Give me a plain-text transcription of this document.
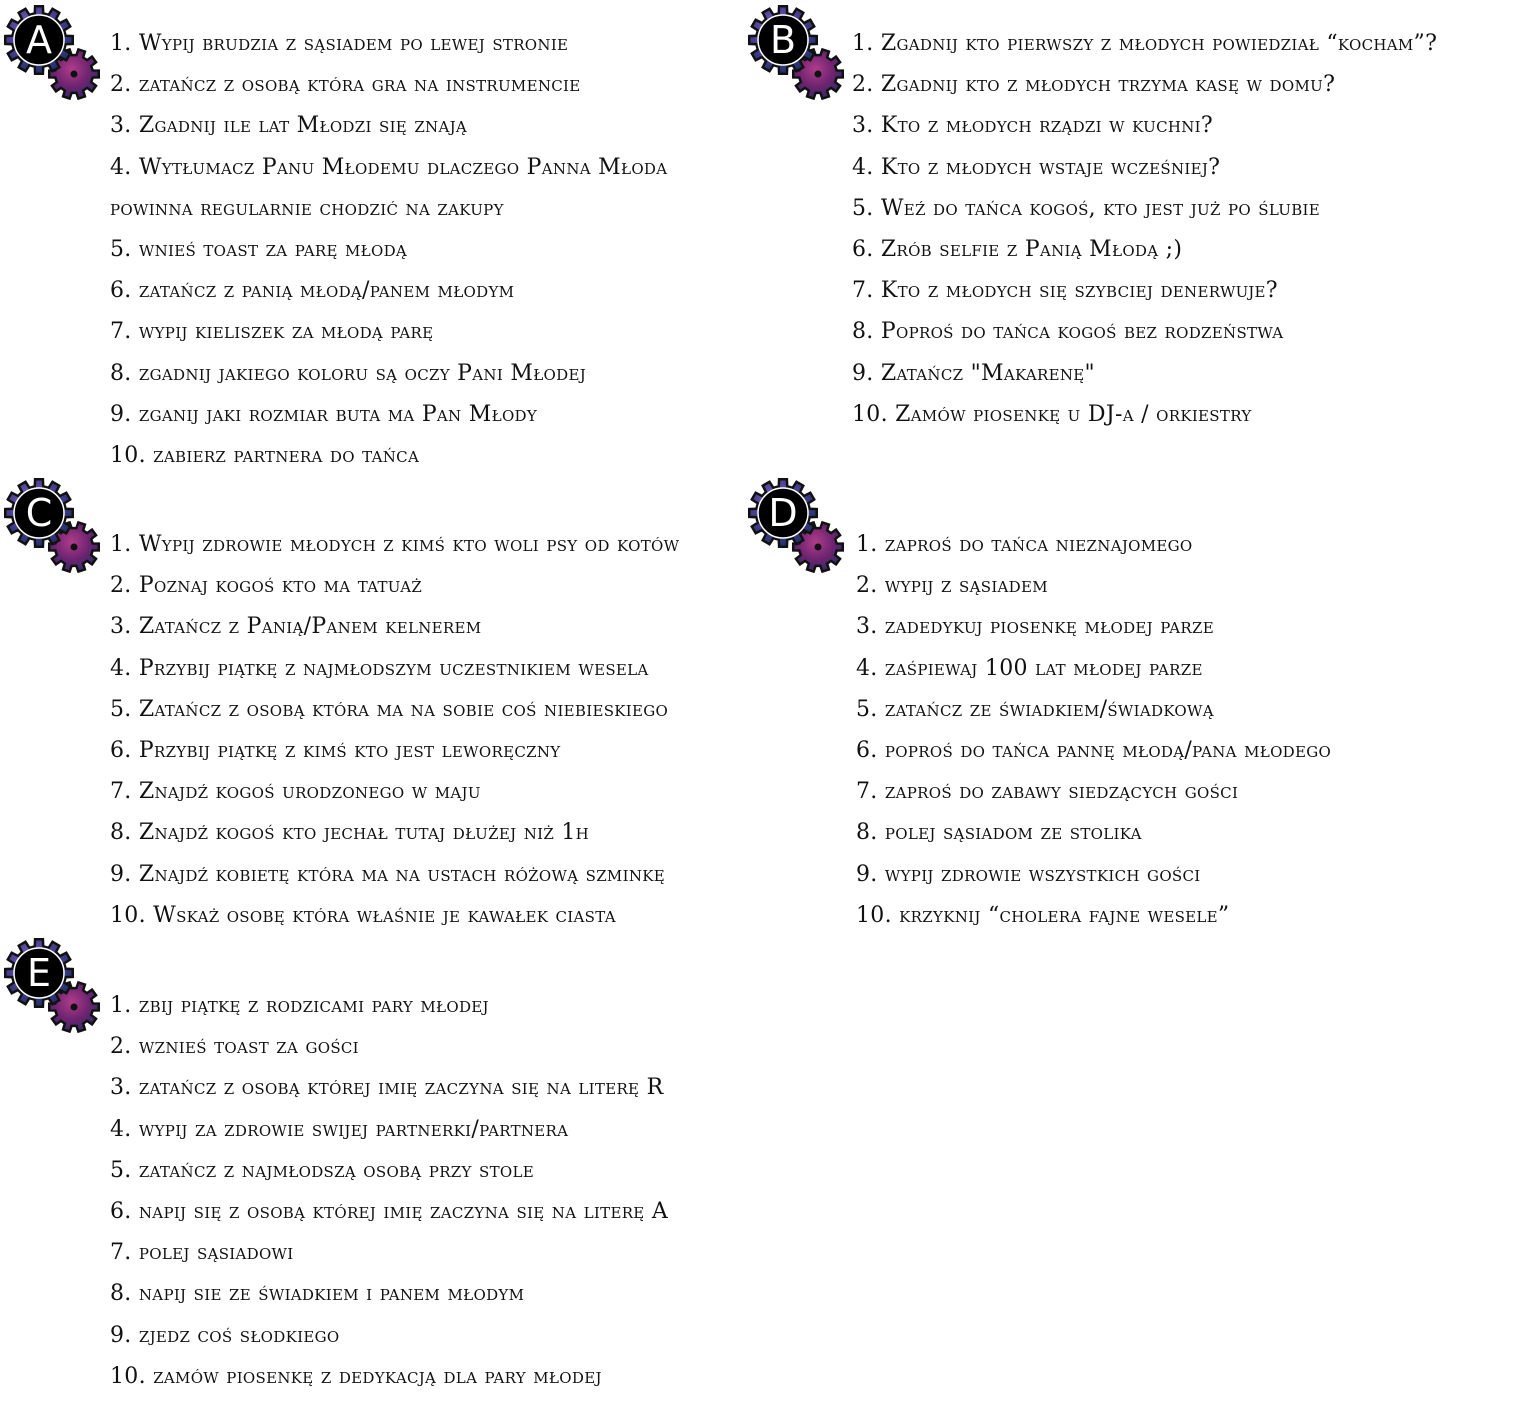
A	1. Wypij brudzia z sąsiadem po lewej stronie
2. zatańcz z osobą która gra na instrumencie
3. Zgadnij ile lat Młodzi się znają
4. Wytłumacz Panu Młodemu dlaczego Panna Młoda
powinna regularnie chodzić na zakupy
5. wnieś toast za parę młodą
6. zatańcz z panią młodą/panem młodym
7. wypij kieliszek za młodą parę
8. zgadnij jakiego koloru są oczy Pani Młodej
9. zganij jaki rozmiar buta ma Pan Młody
10. zabierz partnera do tańca
B	1. Zgadnij kto pierwszy z młodych powiedział “kocham”?
2. Zgadnij kto z młodych trzyma kasę w domu?
3. Kto z młodych rządzi w kuchni?
4. Kto z młodych wstaje wcześniej?
5. Weź do tańca kogoś, kto jest już po ślubie
6. Zrób selfie z Panią Młodą ;)
7. Kto z młodych się szybciej denerwuje?
8. Poproś do tańca kogoś bez rodzeństwa
9. Zatańcz "Makarenę"
10. Zamów piosenkę u DJ-a / orkiestry
C
1. Wypij zdrowie młodych z kimś kto woli psy od kotów
2. Poznaj kogoś kto ma tatuaż
3. Zatańcz z Panią/Panem kelnerem
4. Przybij piątkę z najmłodszym uczestnikiem wesela
5. Zatańcz z osobą która ma na sobie coś niebieskiego
6. Przybij piątkę z kimś kto jest leworęczny
7. Znajdź kogoś urodzonego w maju
8. Znajdź kogoś kto jechał tutaj dłużej niż 1h
9. Znajdź kobietę która ma na ustach różową szminkę
10. Wskaż osobę która właśnie je kawałek ciasta
D
1. zaproś do tańca nieznajomego
2. wypij z sąsiadem
3. zadedykuj piosenkę młodej parze
4. zaśpiewaj 100 lat młodej parze
5. zatańcz ze świadkiem/świadkową
6. poproś do tańca pannę młodą/pana młodego
7. zaproś do zabawy siedzących gości
8. polej sąsiadom ze stolika
9. wypij zdrowie wszystkich gości
10. krzyknij “cholera fajne wesele”
E
1. zbij piątkę z rodzicami pary młodej
2. wznieś toast za gości
3. zatańcz z osobą której imię zaczyna się na literę R
4. wypij za zdrowie swijej partnerki/partnera
5. zatańcz z najmłodszą osobą przy stole
6. napij się z osobą której imię zaczyna się na literę A
7. polej sąsiadowi
8. napij sie ze świadkiem i panem młodym
9. zjedz coś słodkiego
10. zamów piosenkę z dedykacją dla pary młodej
